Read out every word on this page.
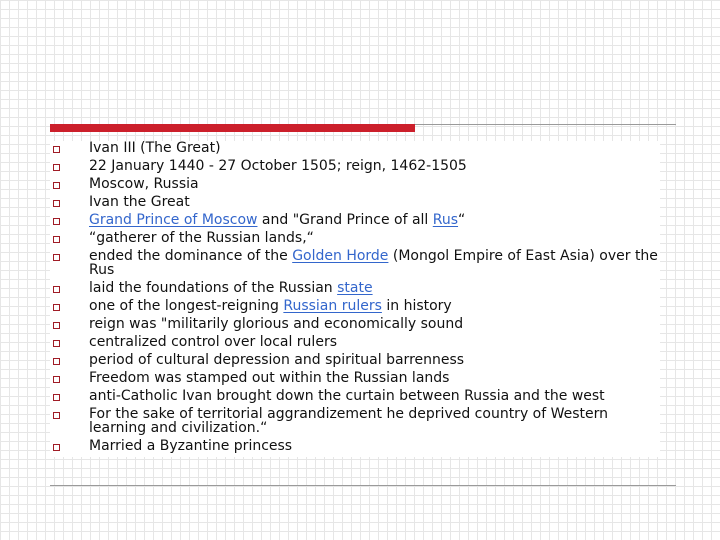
Ivan III (The Great)
22 January 1440 - 27 October 1505; reign, 1462-1505
Moscow, Russia
Ivan the Great
Grand Prince of Moscow and "Grand Prince of all Rus“
“gatherer of the Russian lands,“
ended the dominance of the Golden Horde (Mongol Empire of East Asia) over the Rus
laid the foundations of the Russian state
one of the longest-reigning Russian rulers in history
reign was "militarily glorious and economically sound
centralized control over local rulers
period of cultural depression and spiritual barrenness
Freedom was stamped out within the Russian lands
anti-Catholic Ivan brought down the curtain between Russia and the west
For the sake of territorial aggrandizement he deprived country of Western learning and civilization.“
Married a Byzantine princess
